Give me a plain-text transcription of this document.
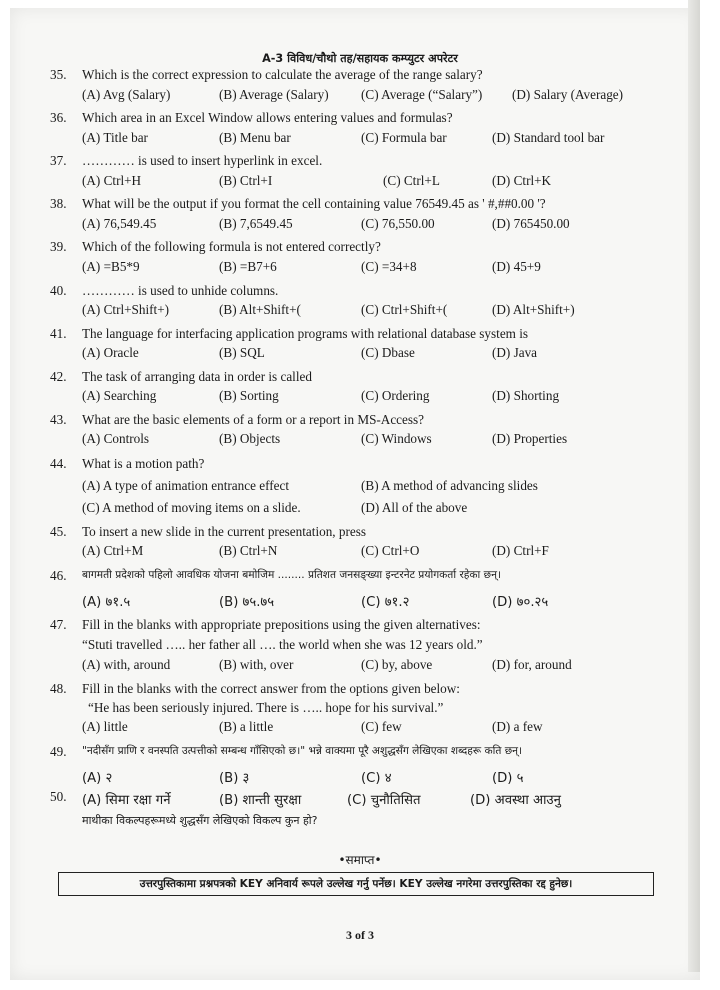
A-3 विविध/चौथो तह/सहायक कम्प्युटर अपरेटर
35. Which is the correct expression to calculate the average of the range salary?
(A) Avg (Salary)	(B) Average (Salary) (C) Average (“Salary”) (D) Salary (Average)
36. Which area in an Excel Window allows entering values and formulas?
(A) Title bar	(B) Menu bar	(C) Formula bar	(D) Standard tool bar
37. ………… is used to insert hyperlink in excel.
(A) Ctrl+H	(B) Ctrl+I	(C) Ctrl+L	(D) Ctrl+K
38. What will be the output if you format the cell containing value 76549.45 as ' #,##0.00 '?
(A) 76,549.45	(B) 7,6549.45	(C) 76,550.00	(D) 765450.00
39. Which of the following formula is not entered correctly?
(A) =B5*9	(B) =B7+6	(C) =34+8	(D) 45+9
40. ………… is used to unhide columns.
(A) Ctrl+Shift+)	(B) Alt+Shift+(	(C) Ctrl+Shift+(	(D) Alt+Shift+)
41. The language for interfacing application programs with relational database system is
(A) Oracle	(B) SQL	(C) Dbase	(D) Java
42. The task of arranging data in order is called
(A) Searching	(B) Sorting	(C) Ordering	(D) Shorting
43. What are the basic elements of a form or a report in MS-Access?
(A) Controls	(B) Objects	(C) Windows	(D) Properties
44. What is a motion path?
(A) A type of animation entrance effect	(B) A method of advancing slides
(C) A method of moving items on a slide.	(D) All of the above
45. To insert a new slide in the current presentation, press
(A) Ctrl+M	(B) Ctrl+N	(C) Ctrl+O	(D) Ctrl+F
46. बागमती प्रदेशको पहिलो आवधिक योजना बमोजिम ........ प्रतिशत जनसङ्ख्या इन्टरनेट प्रयोगकर्ता रहेका छन्।
(A) ७१.५	(B) ७५.७५	(C) ७१.२	(D) ७०.२५
47. Fill in the blanks with appropriate prepositions using the given alternatives:
“Stuti travelled ….. her father all …. the world when she was 12 years old.”
(A) with, around	(B) with, over	(C) by, above	(D) for, around
48. Fill in the blanks with the correct answer from the options given below:
“He has been seriously injured. There is ….. hope for his survival.”
(A) little	(B) a little	(C) few	(D) a few
49. "नदीसँग प्राणि र वनस्पति उत्पत्तीको सम्बन्ध गाँसिएको छ।" भन्ने वाक्यमा पूरै अशुद्धसँग लेखिएका शब्दहरू कति छन्।
(A) २	(B) ३	(C) ४	(D) ५
50. (A) सिमा रक्षा गर्ने	(B) शान्ती सुरक्षा	(C) चुनौतिसित	(D) अवस्था आउनु
माथीका विकल्पहरूमध्ये शुद्धसँग लेखिएको विकल्प कुन हो?
•समाप्त•
उत्तरपुस्तिकामा प्रश्नपत्रको KEY अनिवार्य रूपले उल्लेख गर्नु पर्नेछ। KEY उल्लेख नगरेमा उत्तरपुस्तिका रद्द हुनेछ।
3 of 3
